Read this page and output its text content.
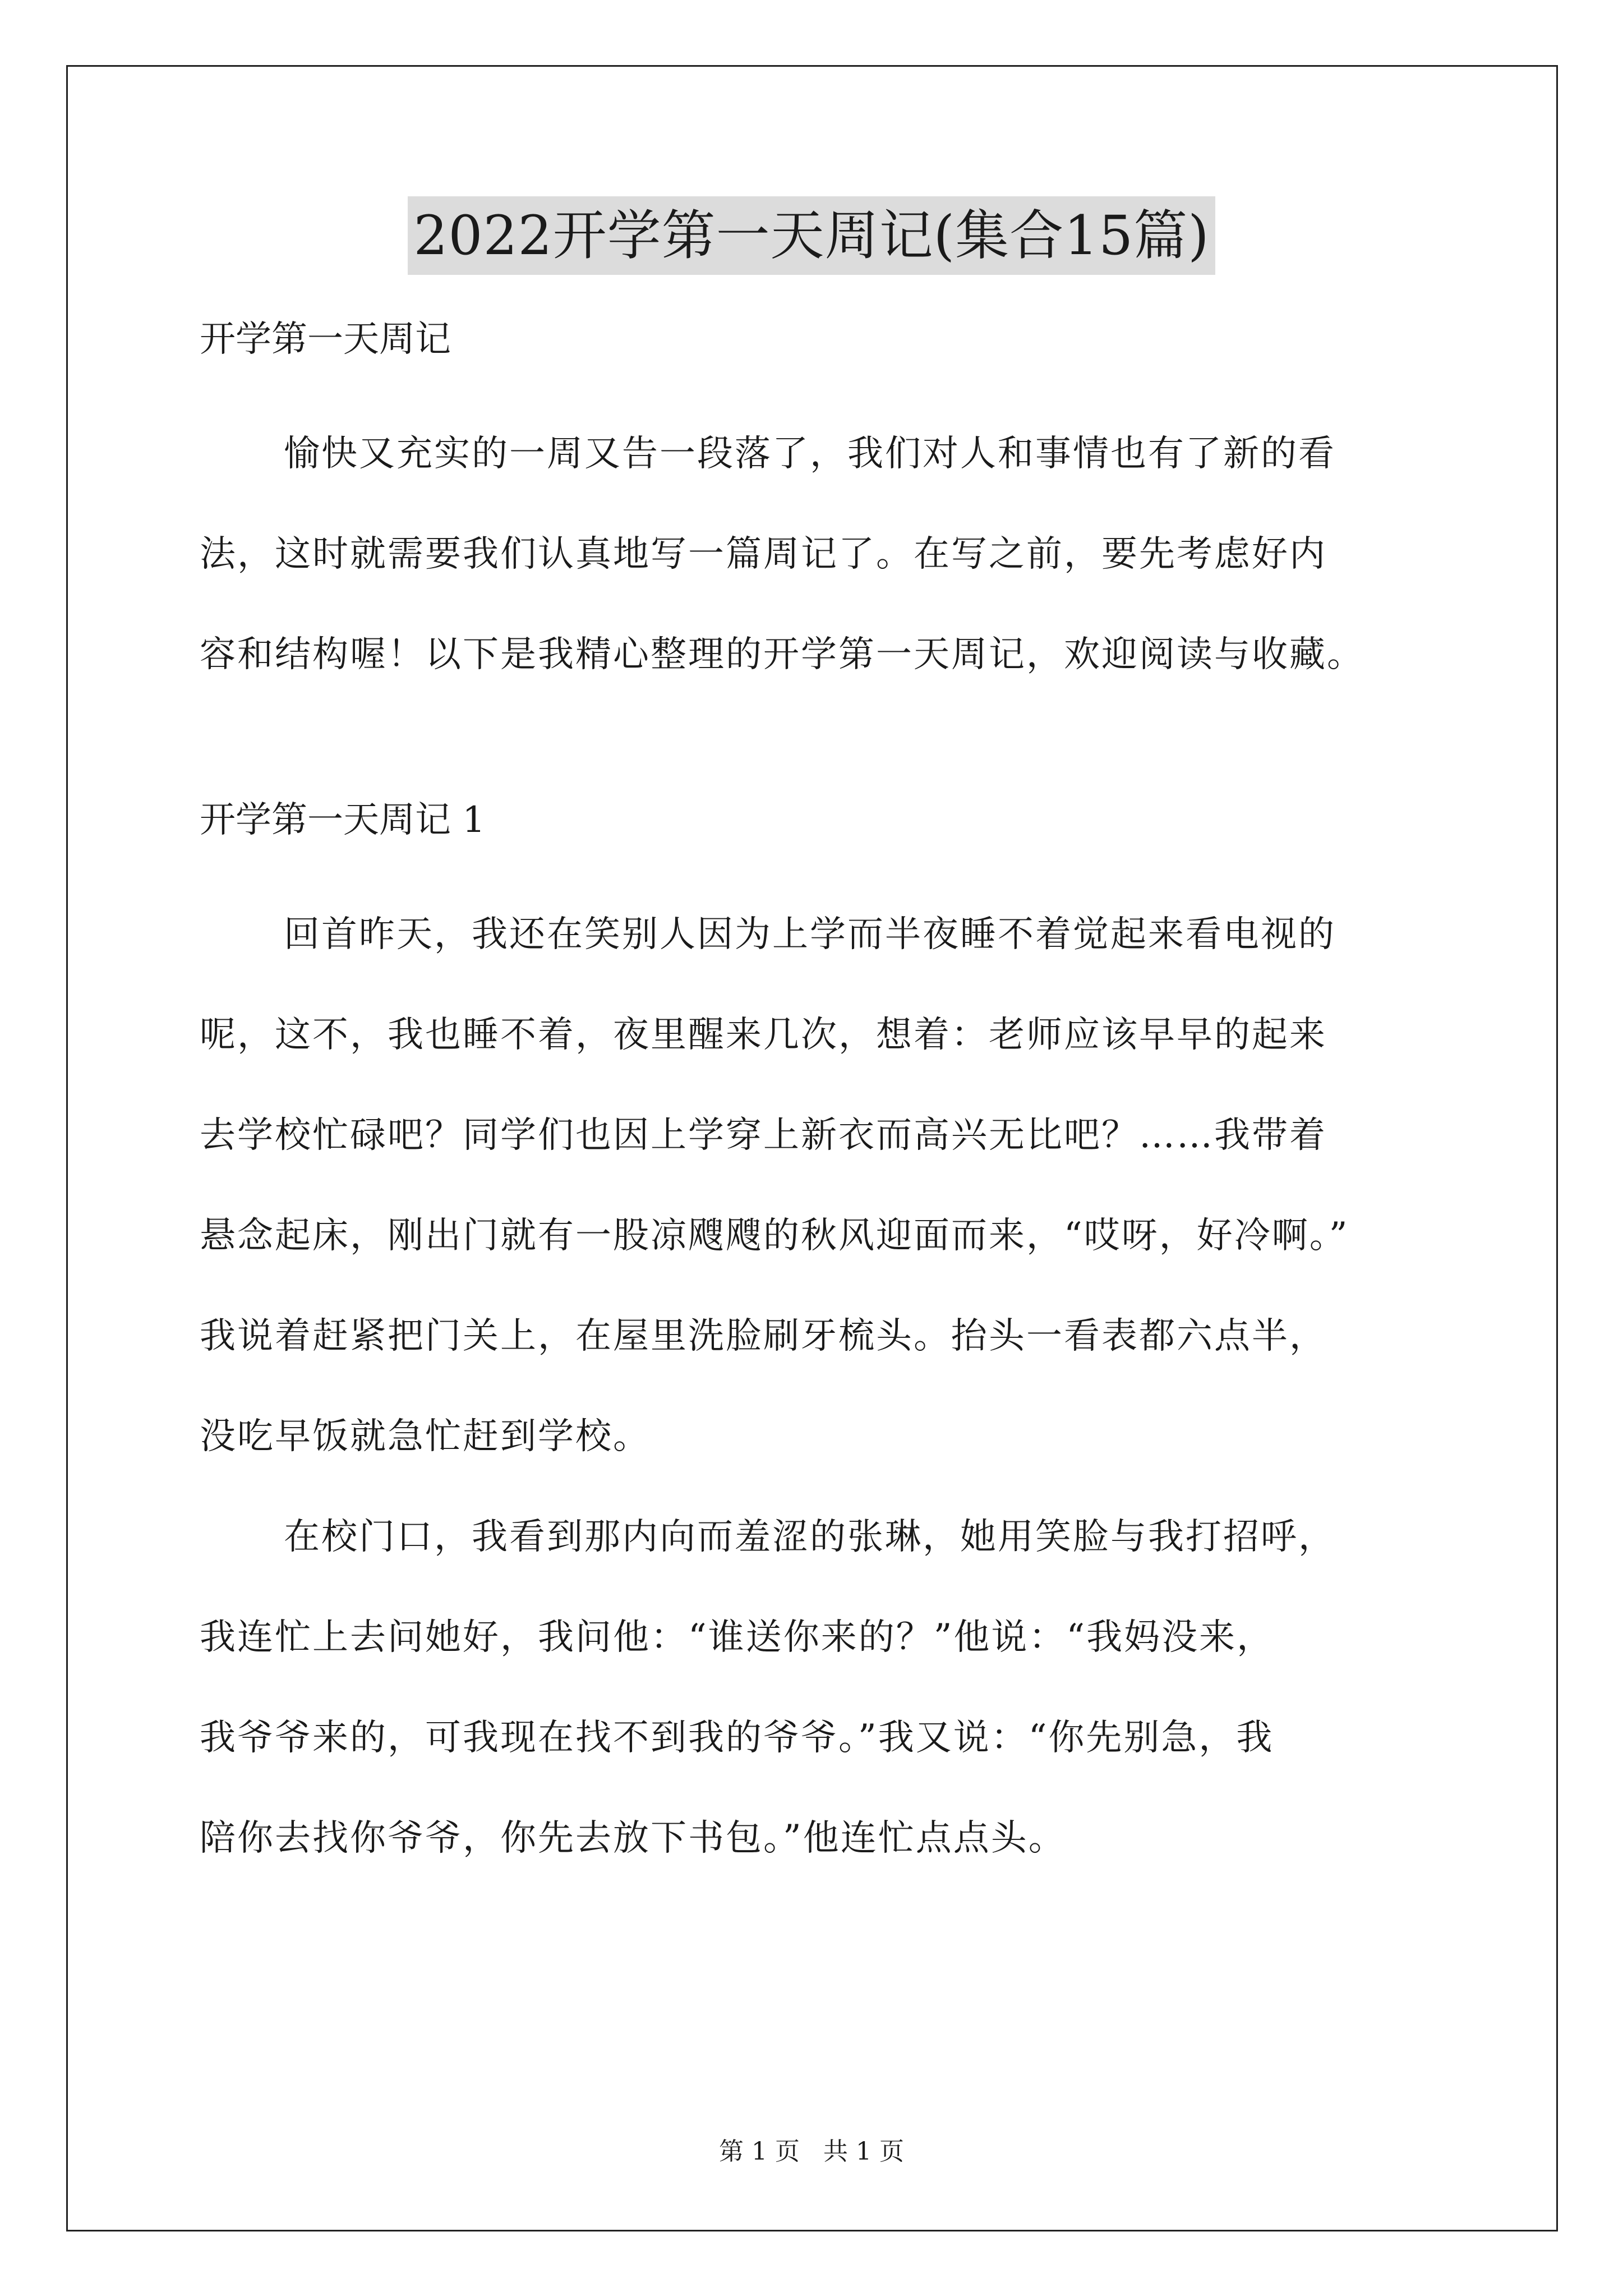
2022开学第一天周记(集合15篇)

开学第一天周记

愉快又充实的一周又告一段落了，我们对人和事情也有了新的看
法，这时就需要我们认真地写一篇周记了。在写之前，要先考虑好内
容和结构喔！以下是我精心整理的开学第一天周记，欢迎阅读与收藏。

开学第一天周记 1

回首昨天，我还在笑别人因为上学而半夜睡不着觉起来看电视的
呢，这不，我也睡不着，夜里醒来几次，想着：老师应该早早的起来
去学校忙碌吧？同学们也因上学穿上新衣而高兴无比吧？……我带着
悬念起床，刚出门就有一股凉飕飕的秋风迎面而来，“哎呀，好冷啊。”
我说着赶紧把门关上，在屋里洗脸刷牙梳头。抬头一看表都六点半，
没吃早饭就急忙赶到学校。

在校门口，我看到那内向而羞涩的张琳，她用笑脸与我打招呼，
我连忙上去问她好，我问他：“谁送你来的？”他说：“我妈没来，
我爷爷来的，可我现在找不到我的爷爷。”我又说：“你先别急，我
陪你去找你爷爷，你先去放下书包。”他连忙点点头。

第 1 页 共 1 页
